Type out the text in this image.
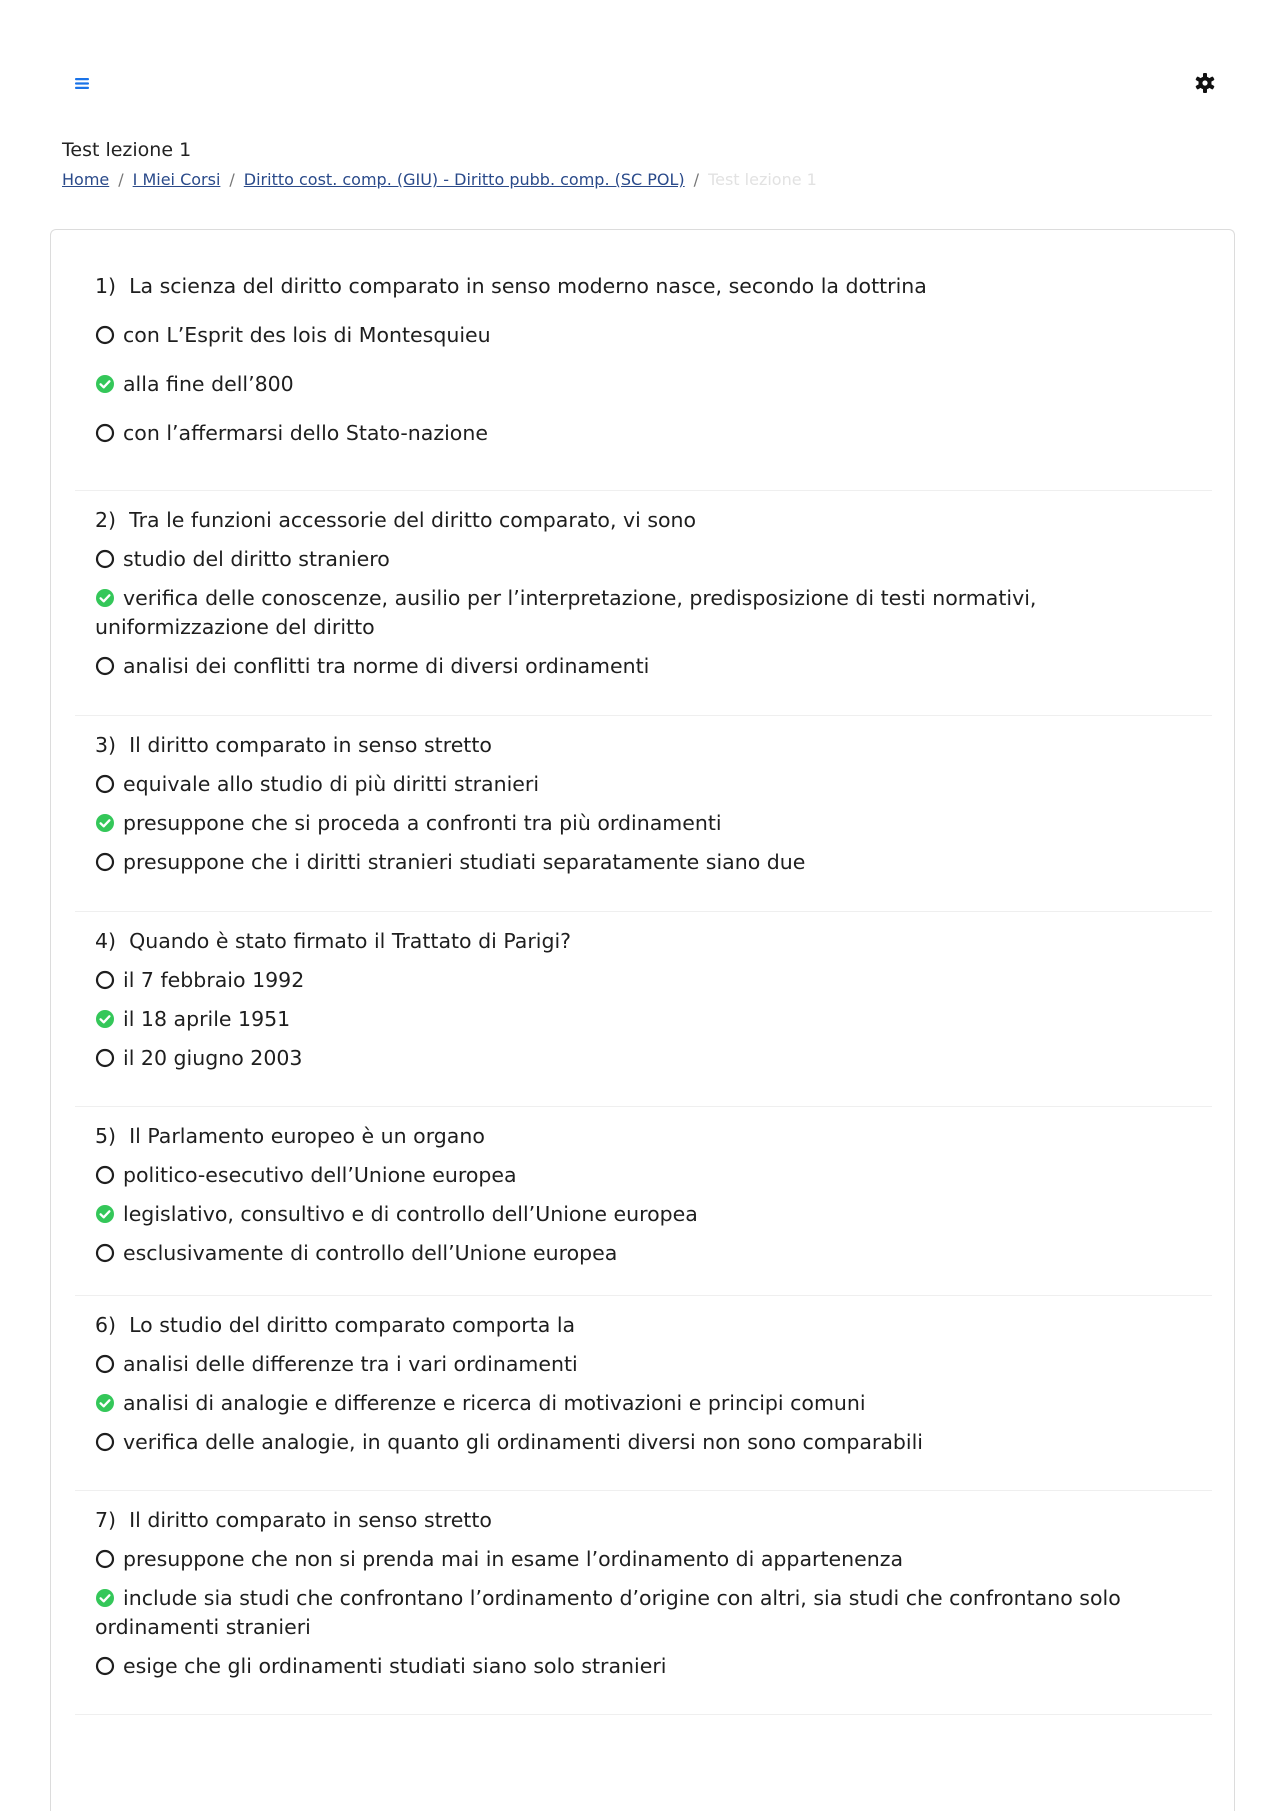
Test lezione 1
Home / I Miei Corsi / Diritto cost. comp. (GIU) - Diritto pubb. comp. (SC POL) / Test lezione 1
1) La scienza del diritto comparato in senso moderno nasce, secondo la dottrina
con L’Esprit des lois di Montesquieu
alla fine dell’800
con l’affermarsi dello Stato-nazione
2) Tra le funzioni accessorie del diritto comparato, vi sono
studio del diritto straniero
verifica delle conoscenze, ausilio per l’interpretazione, predisposizione di testi normativi, uniformizzazione del diritto
analisi dei conflitti tra norme di diversi ordinamenti
3) Il diritto comparato in senso stretto
equivale allo studio di più diritti stranieri
presuppone che si proceda a confronti tra più ordinamenti
presuppone che i diritti stranieri studiati separatamente siano due
4) Quando è stato firmato il Trattato di Parigi?
il 7 febbraio 1992
il 18 aprile 1951
il 20 giugno 2003
5) Il Parlamento europeo è un organo
politico-esecutivo dell’Unione europea
legislativo, consultivo e di controllo dell’Unione europea
esclusivamente di controllo dell’Unione europea
6) Lo studio del diritto comparato comporta la
analisi delle differenze tra i vari ordinamenti
analisi di analogie e differenze e ricerca di motivazioni e principi comuni
verifica delle analogie, in quanto gli ordinamenti diversi non sono comparabili
7) Il diritto comparato in senso stretto
presuppone che non si prenda mai in esame l’ordinamento di appartenenza
include sia studi che confrontano l’ordinamento d’origine con altri, sia studi che confrontano solo ordinamenti stranieri
esige che gli ordinamenti studiati siano solo stranieri
